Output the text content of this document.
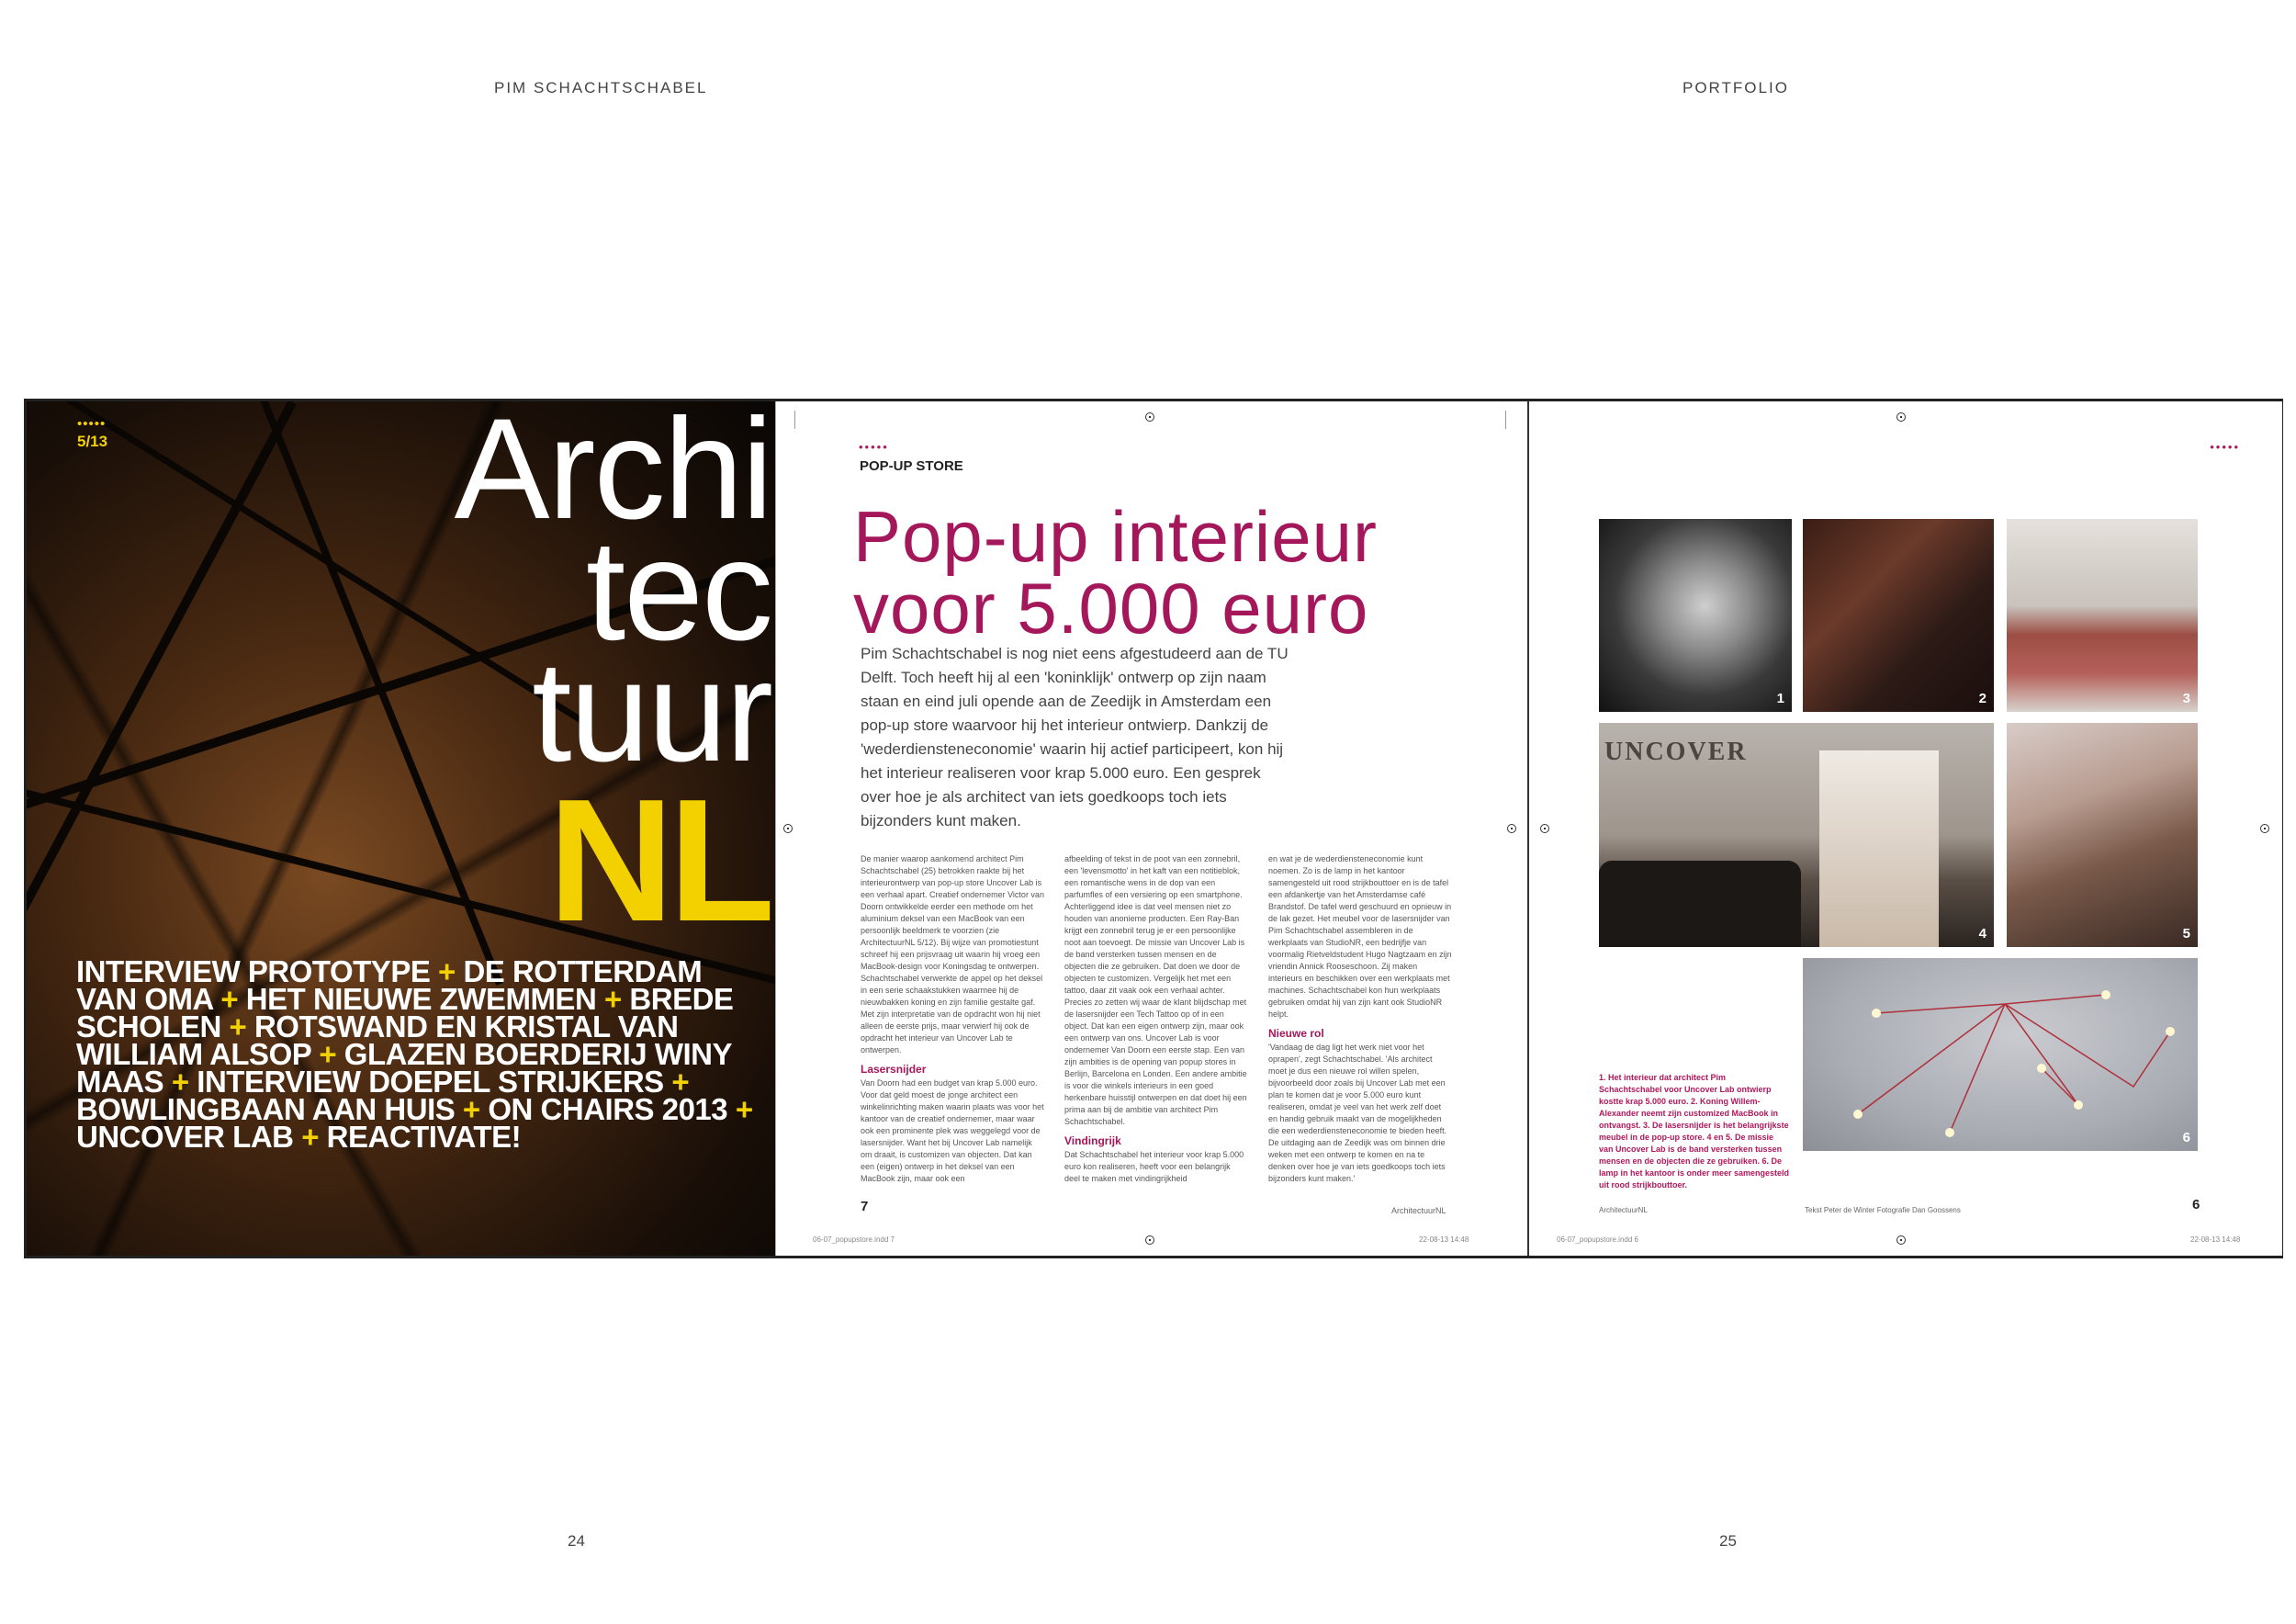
PIM SCHACHTSCHABEL	PORTFOLIO
•••••
5/13 Archi
tec
tuur
NL
INTERVIEW PROTOTYPE + DE ROTTERDAM VAN OMA + HET NIEUWE ZWEMMEN + BREDE SCHOLEN + ROTSWAND EN KRISTAL VAN WILLIAM ALSOP + GLAZEN BOERDERIJ WINY MAAS + INTERVIEW DOEPEL STRIJKERS + BOWLINGBAAN AAN HUIS + ON CHAIRS 2013 + UNCOVER LAB + REACTIVATE!
•••••
POP-UP STORE
Pop-up interieur
voor 5.000 euro
Pim Schachtschabel is nog niet eens afgestudeerd aan de TU Delft. Toch heeft hij al een 'koninklijk' ontwerp op zijn naam staan en eind juli opende aan de Zeedijk in Amsterdam een pop-up store waarvoor hij het interieur ontwierp. Dankzij de 'wederdiensteneconomie' waarin hij actief participeert, kon hij het interieur realiseren voor krap 5.000 euro. Een gesprek over hoe je als architect van iets goedkoops toch iets bijzonders kunt maken.
De manier waarop aankomend architect Pim Schachtschabel (25) betrokken raakte bij het interieurontwerp van pop-up store Uncover Lab is een verhaal apart. Creatief ondernemer Victor van Doorn ontwikkelde eerder een methode om het aluminium deksel van een MacBook van een persoonlijk beeldmerk te voorzien (zie ArchitectuurNL 5/12). Bij wijze van promotiestunt schreef hij een prijsvraag uit waarin hij vroeg een MacBook-design voor Koningsdag te ontwerpen. Schachtschabel verwerkte de appel op het deksel in een serie schaakstukken waarmee hij de nieuwbakken koning en zijn familie gestalte gaf. Met zijn interpretatie van de opdracht won hij niet alleen de eerste prijs, maar verwierf hij ook de opdracht het interieur van Uncover Lab te ontwerpen.
Lasersnijder
Van Doorn had een budget van krap 5.000 euro. Voor dat geld moest de jonge architect een winkelinrichting maken waarin plaats was voor het kantoor van de creatief ondernemer, maar waar ook een prominente plek was weggelegd voor de lasersnijder. Want het bij Uncover Lab namelijk om draait, is customizen van objecten. Dat kan een (eigen) ontwerp in het deksel van een MacBook zijn, maar ook een
afbeelding of tekst in de poot van een zonnebril, een 'levensmotto' in het kaft van een notitieblok, een romantische wens in de dop van een parfumfles of een versiering op een smartphone. Achterliggend idee is dat veel mensen niet zo houden van anonieme producten. Een Ray-Ban krijgt een zonnebril terug je er een persoonlijke noot aan toevoegt. De missie van Uncover Lab is de band versterken tussen mensen en de objecten die ze gebruiken. Dat doen we door de objecten te customizen. Vergelijk het met een tattoo, daar zit vaak ook een verhaal achter. Precies zo zetten wij waar de klant blijdschap met de lasersnijder een Tech Tattoo op of in een object. Dat kan een eigen ontwerp zijn, maar ook een ontwerp van ons. Uncover Lab is voor ondernemer Van Doorn een eerste stap. Een van zijn ambities is de opening van popup stores in Berlijn, Barcelona en Londen. Een andere ambitie is voor die winkels interieurs in een goed herkenbare huisstijl ontwerpen en dat doet hij een prima aan bij de ambitie van architect Pim Schachtschabel.
Vindingrijk
Dat Schachtschabel het interieur voor krap 5.000 euro kon realiseren, heeft voor een belangrijk deel te maken met vindingrijkheid
en wat je de wederdiensteneconomie kunt noemen. Zo is de lamp in het kantoor samengesteld uit rood strijkbouttoer en is de tafel een afdankertje van het Amsterdamse café Brandstof. De tafel werd geschuurd en opnieuw in de lak gezet. Het meubel voor de lasersnijder van Pim Schachtschabel assembleren in de werkplaats van StudioNR, een bedrijfje van voormalig Rietveldstudent Hugo Nagtzaam en zijn vriendin Annick Rooseschoon. Zij maken interieurs en beschikken over een werkplaats met machines. Schachtschabel kon hun werkplaats gebruiken omdat hij van zijn kant ook StudioNR helpt.
Nieuwe rol
'Vandaag de dag ligt het werk niet voor het oprapen', zegt Schachtschabel. 'Als architect moet je dus een nieuwe rol willen spelen, bijvoorbeeld door zoals bij Uncover Lab met een plan te komen dat je voor 5.000 euro kunt realiseren, omdat je veel van het werk zelf doet en handig gebruik maakt van de mogelijkheden die een wederdiensteneconomie te bieden heeft. De uitdaging aan de Zeedijk was om binnen drie weken met een ontwerp te komen en na te denken over hoe je van iets goedkoops toch iets bijzonders kunt maken.'
7	ArchitectuurNL
06-07_popupstore.indd 7	22-08-13 14:48
•••••
1	2	3
UNCOVER
4	5
6
1. Het interieur dat architect Pim Schachtschabel voor Uncover Lab ontwierp kostte krap 5.000 euro. 2. Koning Willem-Alexander neemt zijn customized MacBook in ontvangst. 3. De lasersnijder is het belangrijkste meubel in de pop-up store. 4 en 5. De missie van Uncover Lab is de band versterken tussen mensen en de objecten die ze gebruiken. 6. De lamp in het kantoor is onder meer samengesteld uit rood strijkbouttoer.
ArchitectuurNL	Tekst Peter de Winter Fotografie Dan Goossens	6
06-07_popupstore.indd 6	22-08-13 14:48
24	25
